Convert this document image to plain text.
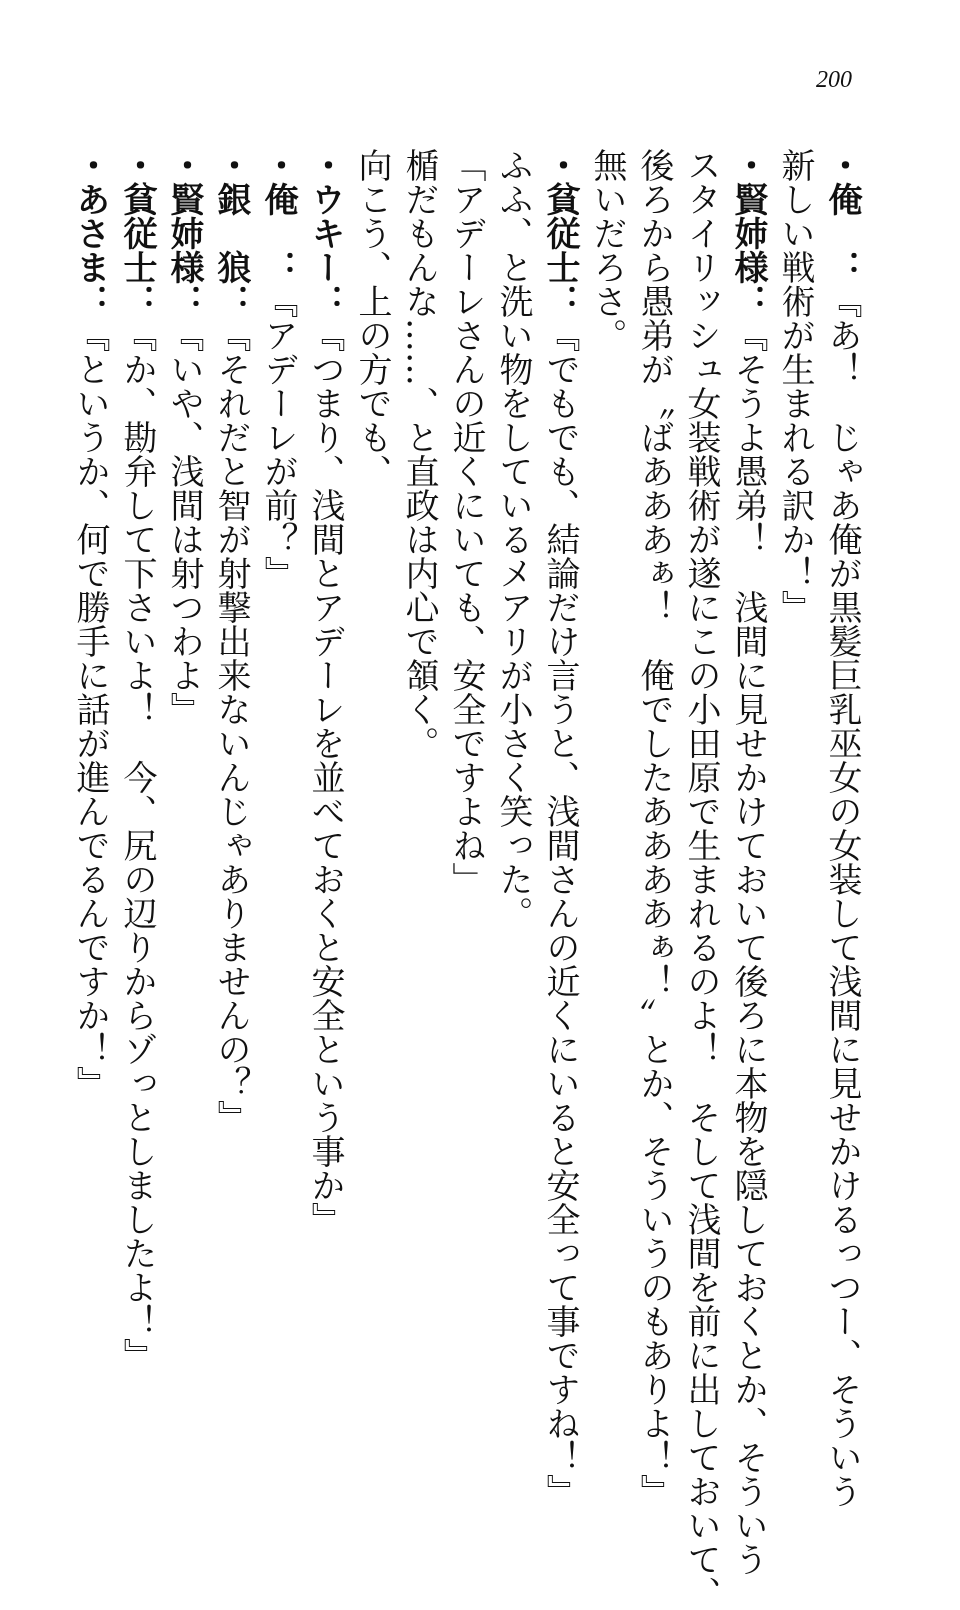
200
・俺　：『あ！　じゃあ俺が黒髪巨乳巫女の女装して浅間に見せかけるっつー、そういう
新しい戦術が生まれる訳か！』
・賢姉様：『そうよ愚弟！　浅間に見せかけておいて後ろに本物を隠しておくとか、そういう
スタイリッシュ女装戦術が遂にこの小田原で生まれるのよ！　そして浅間を前に出しておいて、
後ろから愚弟が〝ばあああぁ！　俺でしたああああぁ！〟とか、そういうのもありよ！』
無いだろさ。
・貧従士：『でもでも、結論だけ言うと、浅間さんの近くにいると安全って事ですね！』
ふふ、と洗い物をしているメアリが小さく笑った。
「アデーレさんの近くにいても、安全ですよね」
楯だもんな……、と直政は内心で頷く。
向こう、上の方でも、
・ウキー：『つまり、浅間とアデーレを並べておくと安全という事か』
・俺　：『アデーレが前？』
・銀　狼：『それだと智が射撃出来ないんじゃありませんの？』
・賢姉様：『いや、浅間は射つわよ』
・貧従士：『か、勘弁して下さいよ！　今、尻の辺りからゾっとしましたよ！』
・あさま：『というか、何で勝手に話が進んでるんですか！』
